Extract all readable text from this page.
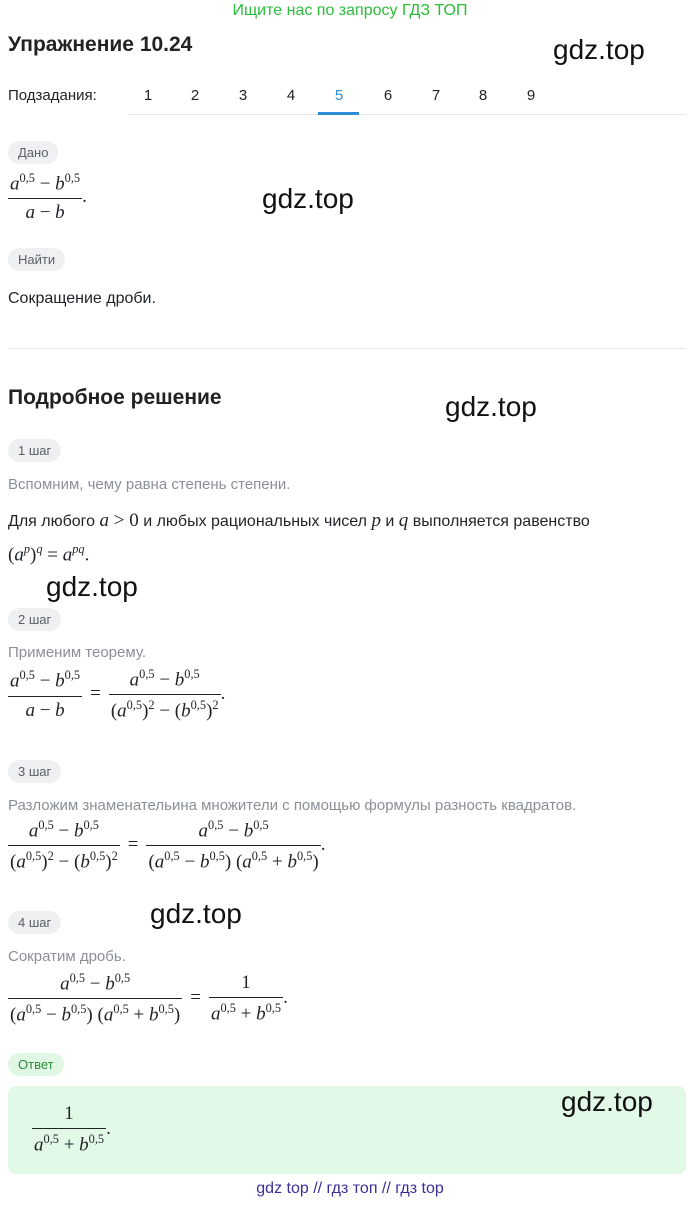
Ищите нас по запросу ГДЗ ТОП
Упражнение 10.24	gdz.top
Подзадания:	1	2	3	4	5	6	7	8	9
Дано
$\frac{a^{0,5} - b^{0,5}}{a - b}$ .	gdz.top
Найти
Сокращение дроби.
Подробное решение	gdz.top
1 шаг
Вспомним, чему равна степень степени.
Для любого a > 0 и любых рациональных чисел p и q выполняется равенство
$(a^p)^q = a^{pq}$.
gdz.top
2 шаг
Применим теорему.
$\frac{a^{0,5} - b^{0,5}}{a - b} = \frac{a^{0,5} - b^{0,5}}{(a^{0,5})^2 - (b^{0,5})^2}$ .
3 шаг
Разложим знаменательина множители с помощью формулы разность квадратов.
$\frac{a^{0,5} - b^{0,5}}{(a^{0,5})^2 - (b^{0,5})^2} = \frac{a^{0,5} - b^{0,5}}{(a^{0,5} - b^{0,5}) (a^{0,5} + b^{0,5})}$ .
4 шаг	gdz.top
Сократим дробь.
$\frac{a^{0,5} - b^{0,5}}{(a^{0,5} - b^{0,5}) (a^{0,5} + b^{0,5})} = \frac{1}{a^{0,5} + b^{0,5}}$ .
Ответ
$\frac{1}{a^{0,5} + b^{0,5}}$ .
gdz.top
gdz top // гдз топ // гдз top
